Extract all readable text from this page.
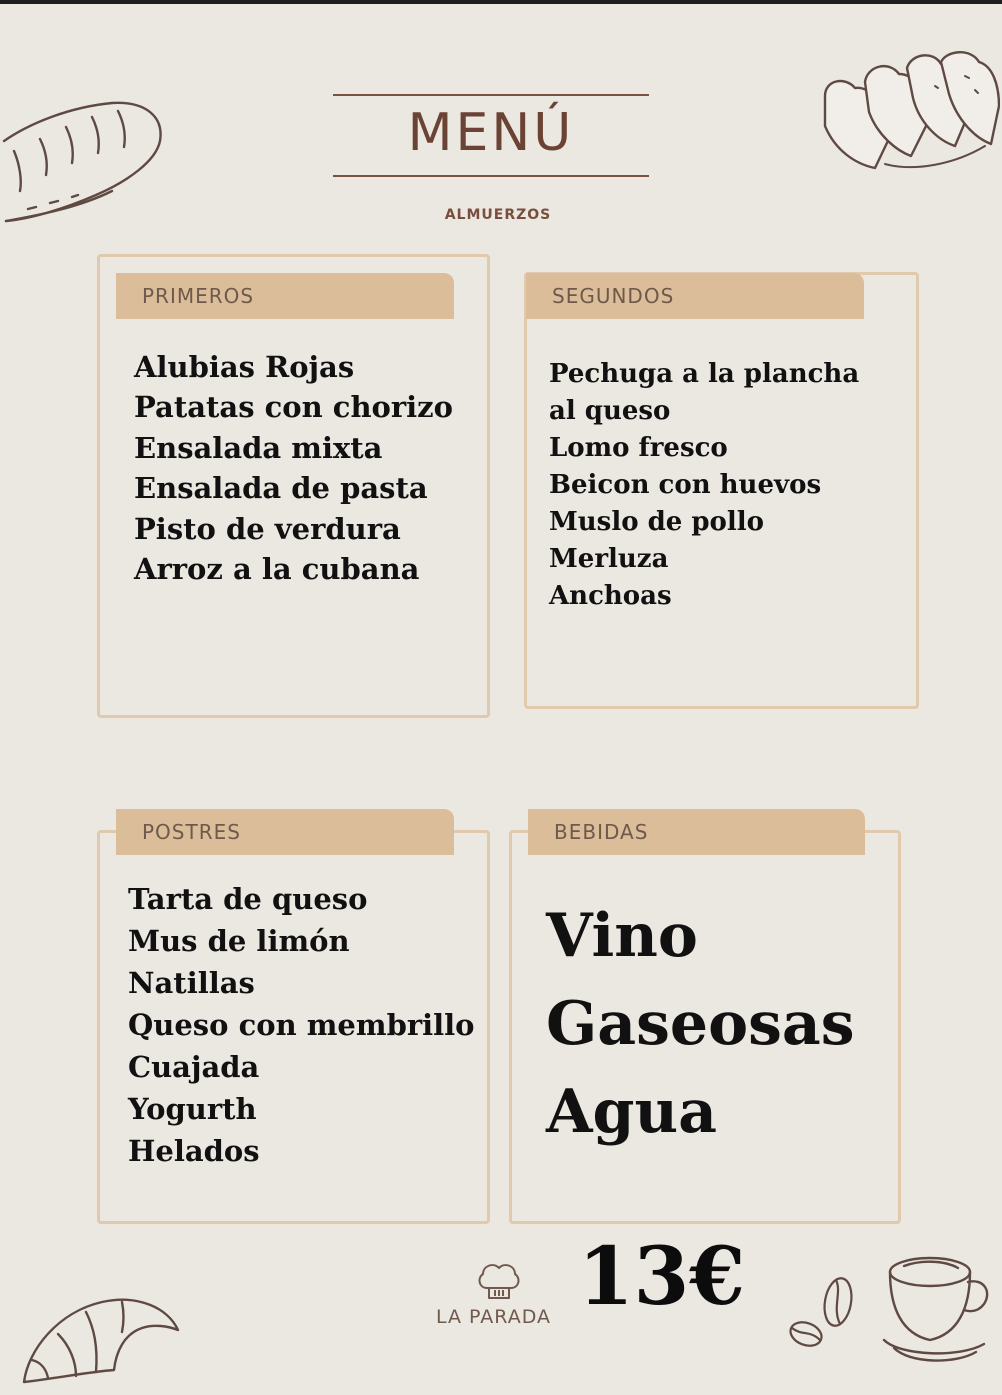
MENÚ
ALMUERZOS
PRIMEROS
Alubias Rojas
Patatas con chorizo
Ensalada mixta
Ensalada de pasta
Pisto de verdura
Arroz a la cubana
SEGUNDOS
Pechuga a la plancha al queso
Lomo fresco
Beicon con huevos
Muslo de pollo
Merluza
Anchoas
POSTRES
Tarta de queso
Mus de limón
Natillas
Queso con membrillo
Cuajada
Yogurth
Helados
BEBIDAS
Vino
Gaseosas
Agua
LA PARADA 13€
